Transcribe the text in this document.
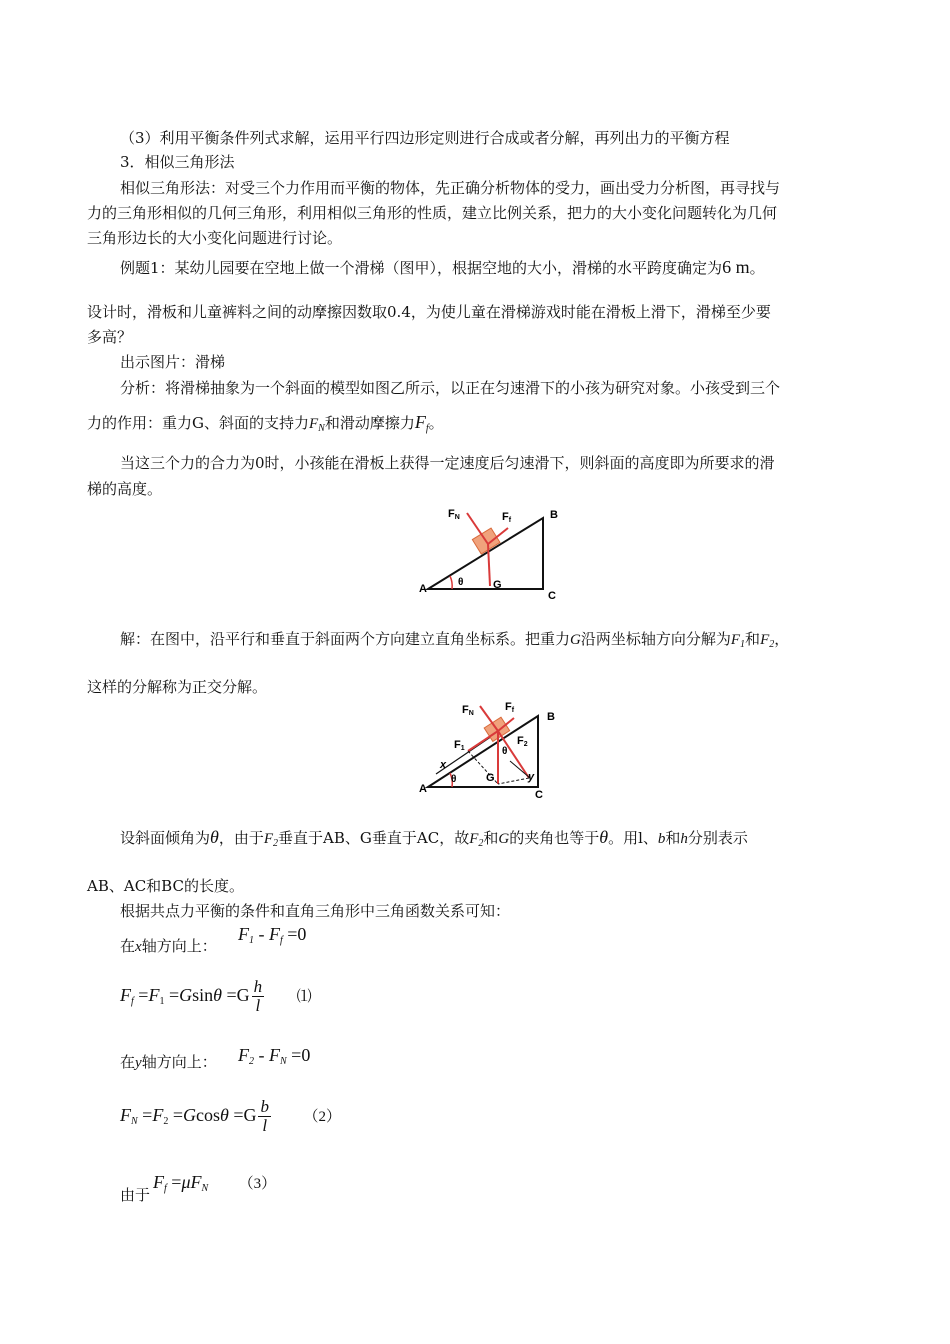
（3）利用平衡条件列式求解，运用平行四边形定则进行合成或者分解，再列出力的平衡方程
3．相似三角形法
相似三角形法：对受三个力作用而平衡的物体，先正确分析物体的受力，画出受力分析图，再寻找与
力的三角形相似的几何三角形，利用相似三角形的性质，建立比例关系，把力的大小变化问题转化为几何
三角形边长的大小变化问题进行讨论。
例题1：某幼儿园要在空地上做一个滑梯（图甲），根据空地的大小，滑梯的水平跨度确定为6 m。
设计时，滑板和儿童裤料之间的动摩擦因数取0.4，为使儿童在滑梯游戏时能在滑板上滑下，滑梯至少要
多高？
出示图片：滑梯
分析：将滑梯抽象为一个斜面的模型如图乙所示，以正在匀速滑下的小孩为研究对象。小孩受到三个
力的作用：重力G、斜面的支持力$F_N$和滑动摩擦力$F_f$。
当这三个力的合力为0时，小孩能在滑板上获得一定速度后匀速滑下，则斜面的高度即为所要求的滑
梯的高度。
FN	Ff	B
A
C
G
θ
解：在图中，沿平行和垂直于斜面两个方向建立直角坐标系。把重力G沿两坐标轴方向分解为$F_1$和$F_2$，
这样的分解称为正交分解。
FN
Ff
B
A	C
G
θ
θ
F1
F2
x
y
设斜面倾角为θ，由于$F_2$垂直于AB、G垂直于AC，故$F_2$和G的夹角也等于θ。用l、b和h分别表示
AB、AC和BC的长度。
根据共点力平衡的条件和直角三角形中三角函数关系可知：
在x轴方向上：
$F_1 - F_f =0$
$F_f =F_1 =Gsin\theta =G \frac{h}{l}$ ⑴
在y轴方向上： $F_2 - F_N =0$
$F_N =F_2 =Gcos\theta =G \frac{b}{l} (2)$
由于
$F_f =\mu F_N$ （3）
